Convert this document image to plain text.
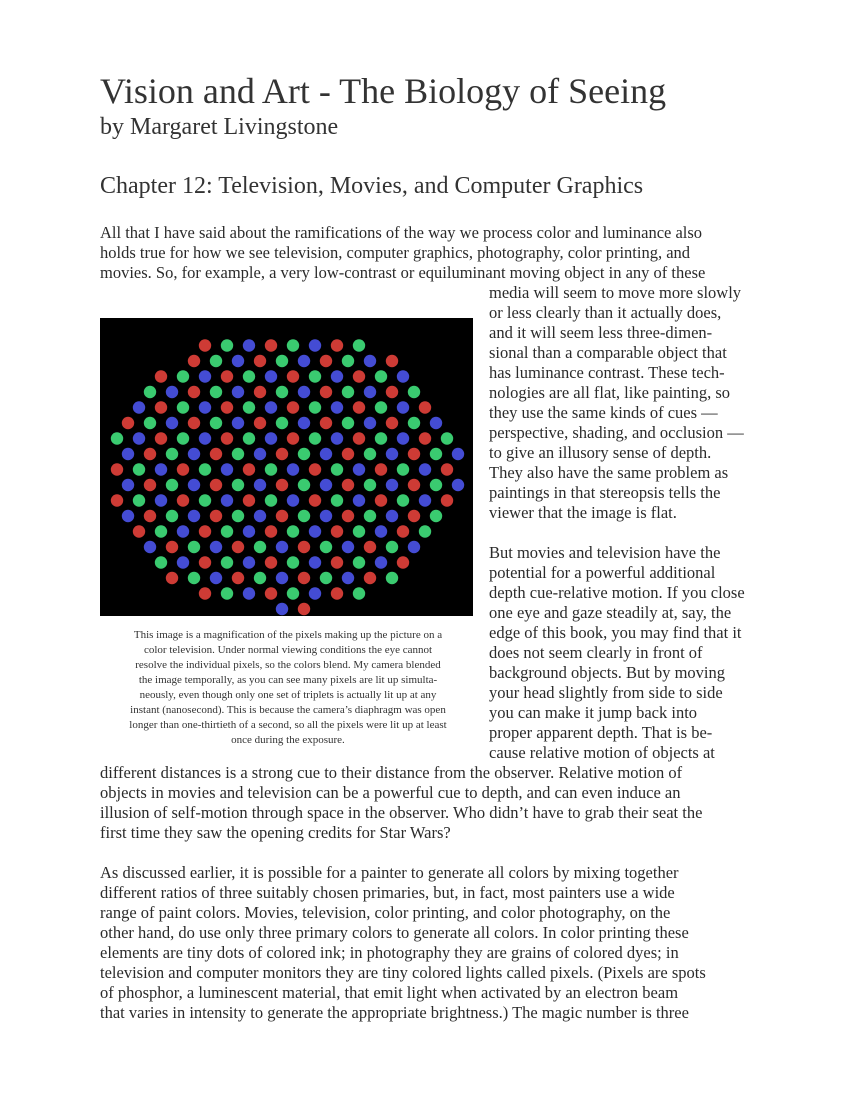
Vision and Art - The Biology of Seeing
by Margaret Livingstone
Chapter 12: Television, Movies, and Computer Graphics
All that I have said about the ramifications of the way we process color and luminance also
holds true for how we see television, computer graphics, photography, color printing, and
movies. So, for example, a very low-contrast or equiluminant moving object in any of these
media will seem to move more slowly
or less clearly than it actually does,
and it will seem less three-dimen-
sional than a comparable object that
has luminance contrast. These tech-
nologies are all flat, like painting, so
they use the same kinds of cues —
perspective, shading, and occlusion —
to give an illusory sense of depth.
They also have the same problem as
paintings in that stereopsis tells the
viewer that the image is flat.
But movies and television have the
potential for a powerful additional
depth cue-relative motion. If you close
one eye and gaze steadily at, say, the
edge of this book, you may find that it
does not seem clearly in front of
background objects. But by moving
your head slightly from side to side
you can make it jump back into
proper apparent depth. That is be-
cause relative motion of objects at
different distances is a strong cue to their distance from the observer. Relative motion of
objects in movies and television can be a powerful cue to depth, and can even induce an
illusion of self-motion through space in the observer. Who didn’t have to grab their seat the
first time they saw the opening credits for Star Wars?
As discussed earlier, it is possible for a painter to generate all colors by mixing together
different ratios of three suitably chosen primaries, but, in fact, most painters use a wide
range of paint colors. Movies, television, color printing, and color photography, on the
other hand, do use only three primary colors to generate all colors. In color printing these
elements are tiny dots of colored ink; in photography they are grains of colored dyes; in
television and computer monitors they are tiny colored lights called pixels. (Pixels are spots
of phosphor, a luminescent material, that emit light when activated by an electron beam
that varies in intensity to generate the appropriate brightness.) The magic number is three
This image is a magnification of the pixels making up the picture on a
color television. Under normal viewing conditions the eye cannot
resolve the individual pixels, so the colors blend. My camera blended
the image temporally, as you can see many pixels are lit up simulta-
neously, even though only one set of triplets is actually lit up at any
instant (nanosecond). This is because the camera’s diaphragm was open
longer than one-thirtieth of a second, so all the pixels were lit up at least
once during the exposure.
